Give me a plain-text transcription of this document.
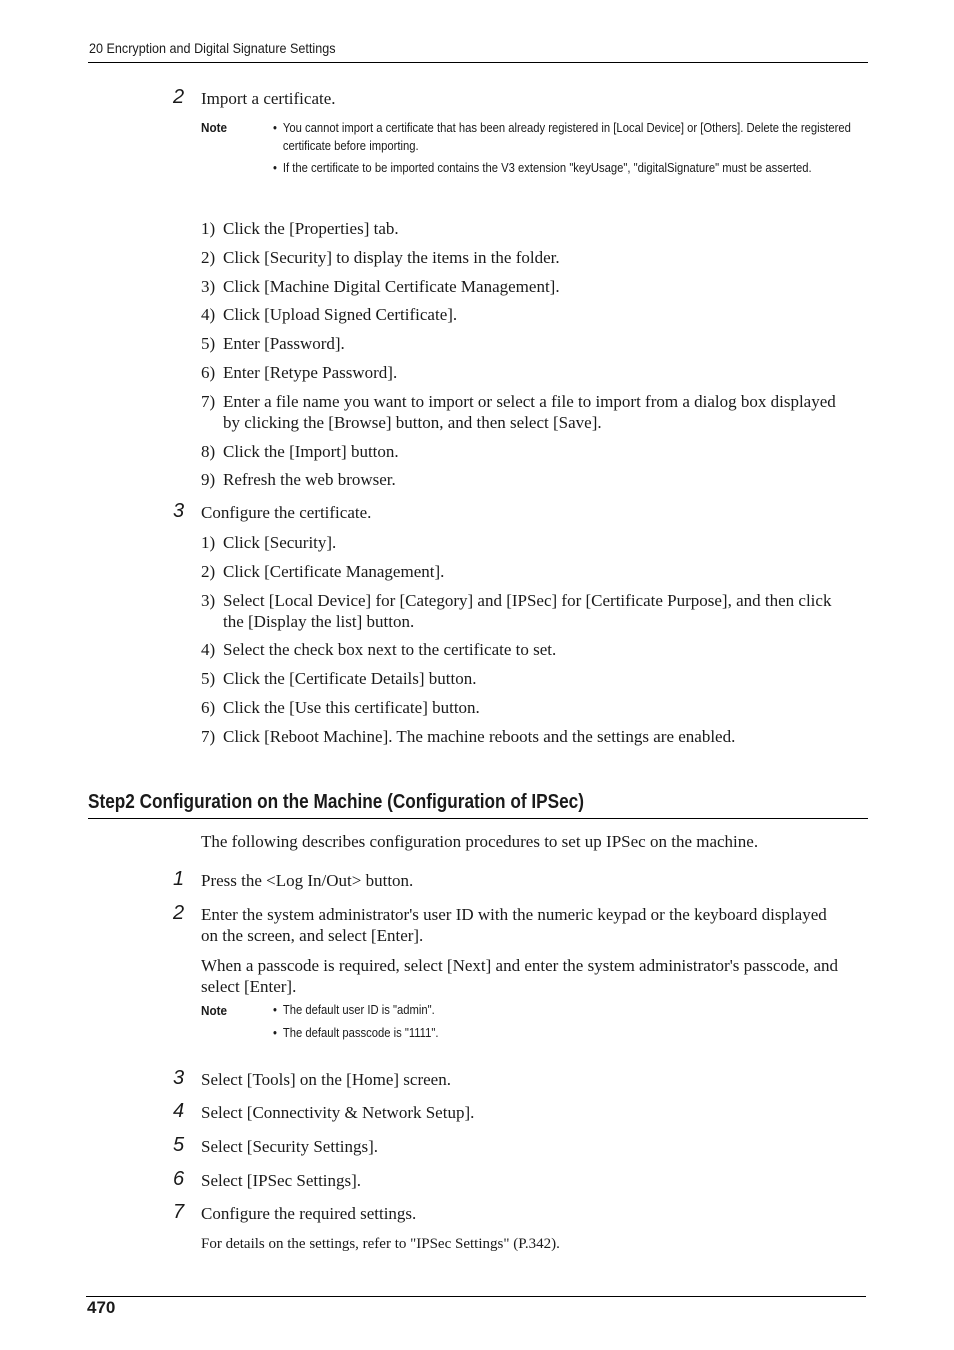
20 Encryption and Digital Signature Settings
2 Import a certificate.
Note	• You cannot import a certificate that has been already registered in [Local Device] or [Others]. Delete the registered certificate before importing.
• If the certificate to be imported contains the V3 extension "keyUsage", "digitalSignature" must be asserted.
1) Click the [Properties] tab.
2) Click [Security] to display the items in the folder.
3) Click [Machine Digital Certificate Management].
4) Click [Upload Signed Certificate].
5) Enter [Password].
6) Enter [Retype Password].
7) Enter a file name you want to import or select a file to import from a dialog box displayed by clicking the [Browse] button, and then select [Save].
8) Click the [Import] button.
9) Refresh the web browser.
3 Configure the certificate.
1) Click [Security].
2) Click [Certificate Management].
3) Select [Local Device] for [Category] and [IPSec] for [Certificate Purpose], and then click the [Display the list] button.
4) Select the check box next to the certificate to set.
5) Click the [Certificate Details] button.
6) Click the [Use this certificate] button.
7) Click [Reboot Machine]. The machine reboots and the settings are enabled.
Step2 Configuration on the Machine (Configuration of IPSec)
The following describes configuration procedures to set up IPSec on the machine.
1 Press the <Log In/Out> button.
2 Enter the system administrator's user ID with the numeric keypad or the keyboard displayed on the screen, and select [Enter].
When a passcode is required, select [Next] and enter the system administrator's passcode, and select [Enter].
Note	• The default user ID is "admin".
• The default passcode is "1111".
3 Select [Tools] on the [Home] screen.
4 Select [Connectivity & Network Setup].
5 Select [Security Settings].
6 Select [IPSec Settings].
7 Configure the required settings.
For details on the settings, refer to "IPSec Settings" (P.342).
470
